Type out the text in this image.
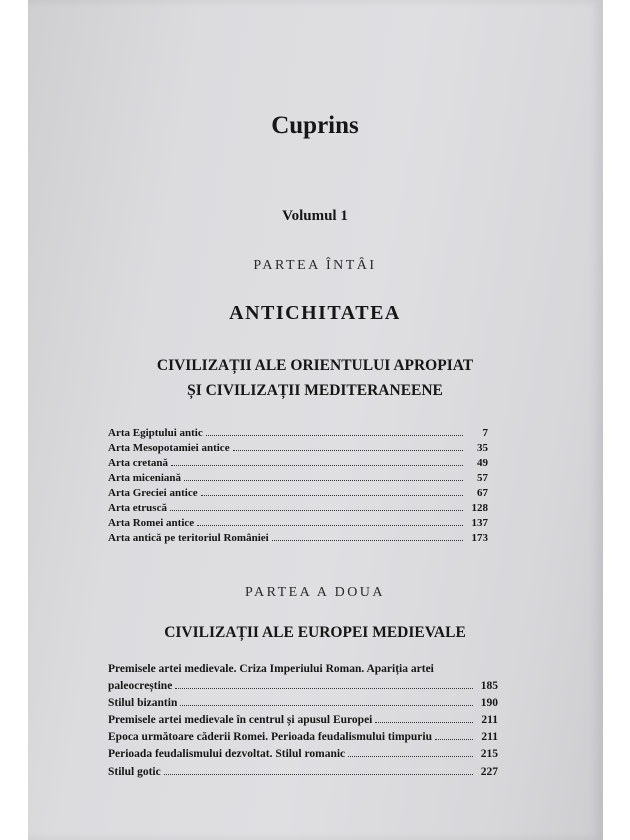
Cuprins
Volumul 1
PARTEA ÎNTÂI
ANTICHITATEA
CIVILIZAȚII ALE ORIENTULUI APROPIAT
ȘI CIVILIZAȚII MEDITERANEENE
Arta Egiptului antic	7
Arta Mesopotamiei antice	35
Arta cretană	49
Arta miceniană	57
Arta Greciei antice	67
Arta etruscă	128
Arta Romei antice	137
Arta antică pe teritoriul României	173
PARTEA A DOUA
CIVILIZAȚII ALE EUROPEI MEDIEVALE
Premisele artei medievale. Criza Imperiului Roman. Apariția artei
paleocreștine	185
Stilul bizantin	190
Premisele artei medievale în centrul și apusul Europei	211
Epoca următoare căderii Romei. Perioada feudalismului timpuriu	211
Perioada feudalismului dezvoltat. Stilul romanic	215
Stilul gotic	227
